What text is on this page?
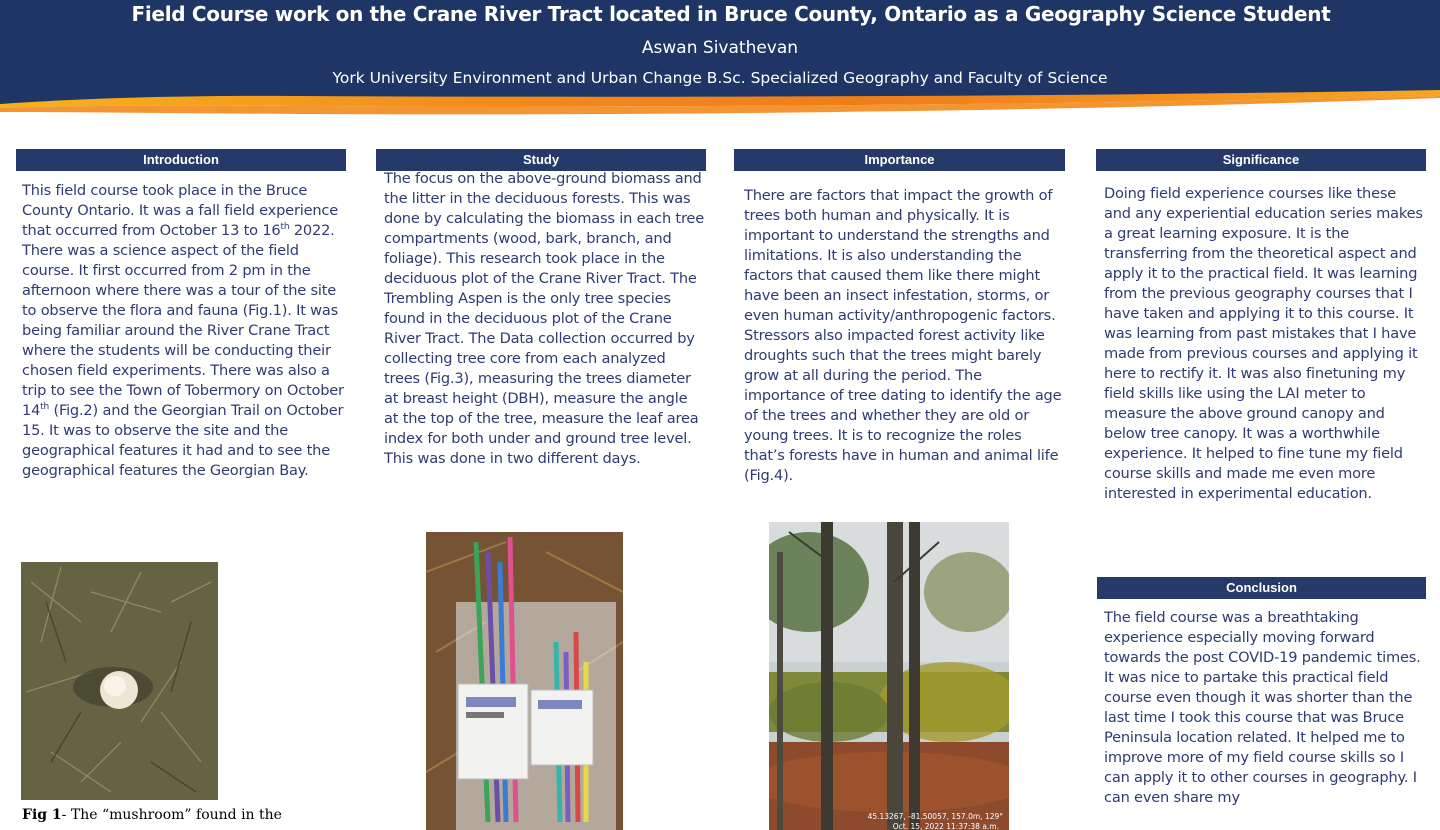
Field Course work on the Crane River Tract located in Bruce County, Ontario as a Geography Science Student
Aswan Sivathevan
York University Environment and Urban Change B.Sc. Specialized Geography and Faculty of Science
Introduction

This field course took place in the Bruce County Ontario. It was a fall field experience that occurred from October 13 to 16th 2022. There was a science aspect of the field course. It first occurred from 2 pm in the afternoon where there was a tour of the site to observe the flora and fauna (Fig.1). It was being familiar around the River Crane Tract where the students will be conducting their chosen field experiments. There was also a trip to see the Town of Tobermory on October 14th (Fig.2) and the Georgian Trail on October 15. It was to observe the site and the geographical features it had and to see the geographical features the Georgian Bay.

Fig 1- The “mushroom” found in the

Study

The focus on the above-ground biomass and the litter in the deciduous forests. This was done by calculating the biomass in each tree compartments (wood, bark, branch, and foliage). This research took place in the deciduous plot of the Crane River Tract. The Trembling Aspen is the only tree species found in the deciduous plot of the Crane River Tract. The Data collection occurred by collecting tree core from each analyzed trees (Fig.3), measuring the trees diameter at breast height (DBH), measure the angle at the top of the tree, measure the leaf area index for both under and ground tree level. This was done in two different days.

Importance

There are factors that impact the growth of trees both human and physically. It is important to understand the strengths and limitations. It is also understanding the factors that caused them like there might have been an insect infestation, storms, or even human activity/anthropogenic factors. Stressors also impacted forest activity like droughts such that the trees might barely grow at all during the period. The importance of tree dating to identify the age of the trees and whether they are old or young trees. It is to recognize the roles that’s forests have in human and animal life (Fig.4).

45.13267, -81.50057, 157.0m, 129°
Oct. 15, 2022 11:37:38 a.m.
Significance

Doing field experience courses like these and any experiential education series makes a great learning exposure. It is the transferring from the theoretical aspect and apply it to the practical field. It was learning from the previous geography courses that I have taken and applying it to this course. It was learning from past mistakes that I have made from previous courses and applying it here to rectify it. It was also finetuning my field skills like using the LAI meter to measure the above ground canopy and below tree canopy. It was a worthwhile experience. It helped to fine tune my field course skills and made me even more interested in experimental education.

Conclusion

The field course was a breathtaking experience especially moving forward towards the post COVID-19 pandemic times. It was nice to partake this practical field course even though it was shorter than the last time I took this course that was Bruce Peninsula location related. It helped me to improve more of my field course skills so I can apply it to other courses in geography. I can even share my
